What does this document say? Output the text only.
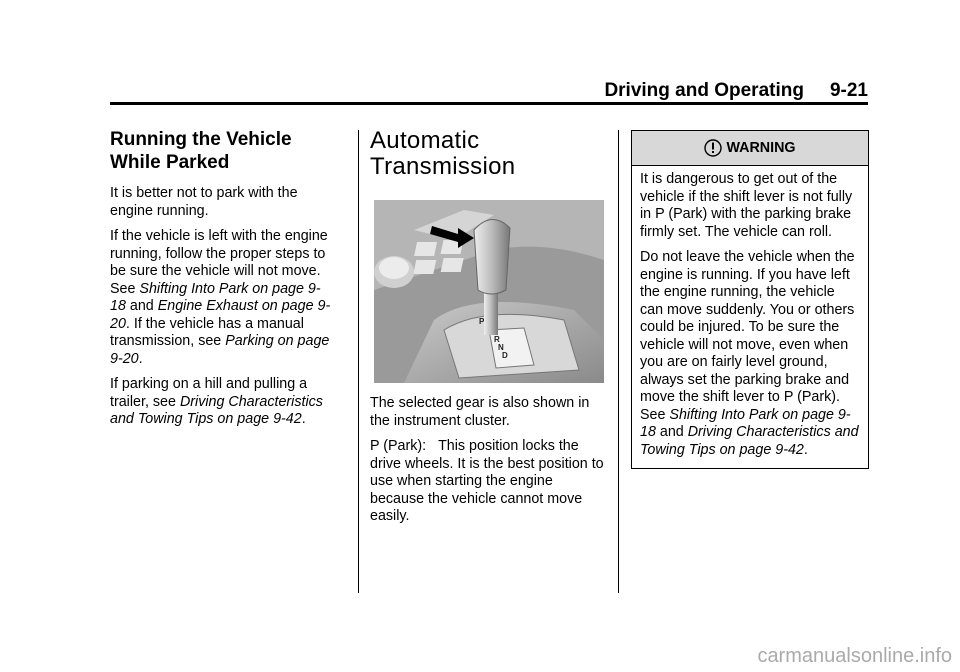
Driving and Operating 9-21
Running the Vehicle
While Parked

It is better not to park with the engine running.

If the vehicle is left with the engine running, follow the proper steps to be sure the vehicle will not move. See Shifting Into Park on page 9-18 and Engine Exhaust on page 9-20. If the vehicle has a manual transmission, see Parking on page 9-20.

If parking on a hill and pulling a trailer, see Driving Characteristics and Towing Tips on page 9-42.

Automatic
Transmission
P
R
N
D

The selected gear is also shown in the instrument cluster.

P (Park): This position locks the drive wheels. It is the best position to use when starting the engine because the vehicle cannot move easily.

WARNING

It is dangerous to get out of the vehicle if the shift lever is not fully in P (Park) with the parking brake firmly set. The vehicle can roll.

Do not leave the vehicle when the engine is running. If you have left the engine running, the vehicle can move suddenly. You or others could be injured. To be sure the vehicle will not move, even when you are on fairly level ground, always set the parking brake and move the shift lever to P (Park). See Shifting Into Park on page 9-18 and Driving Characteristics and Towing Tips on page 9-42.

carmanualsonline.info
